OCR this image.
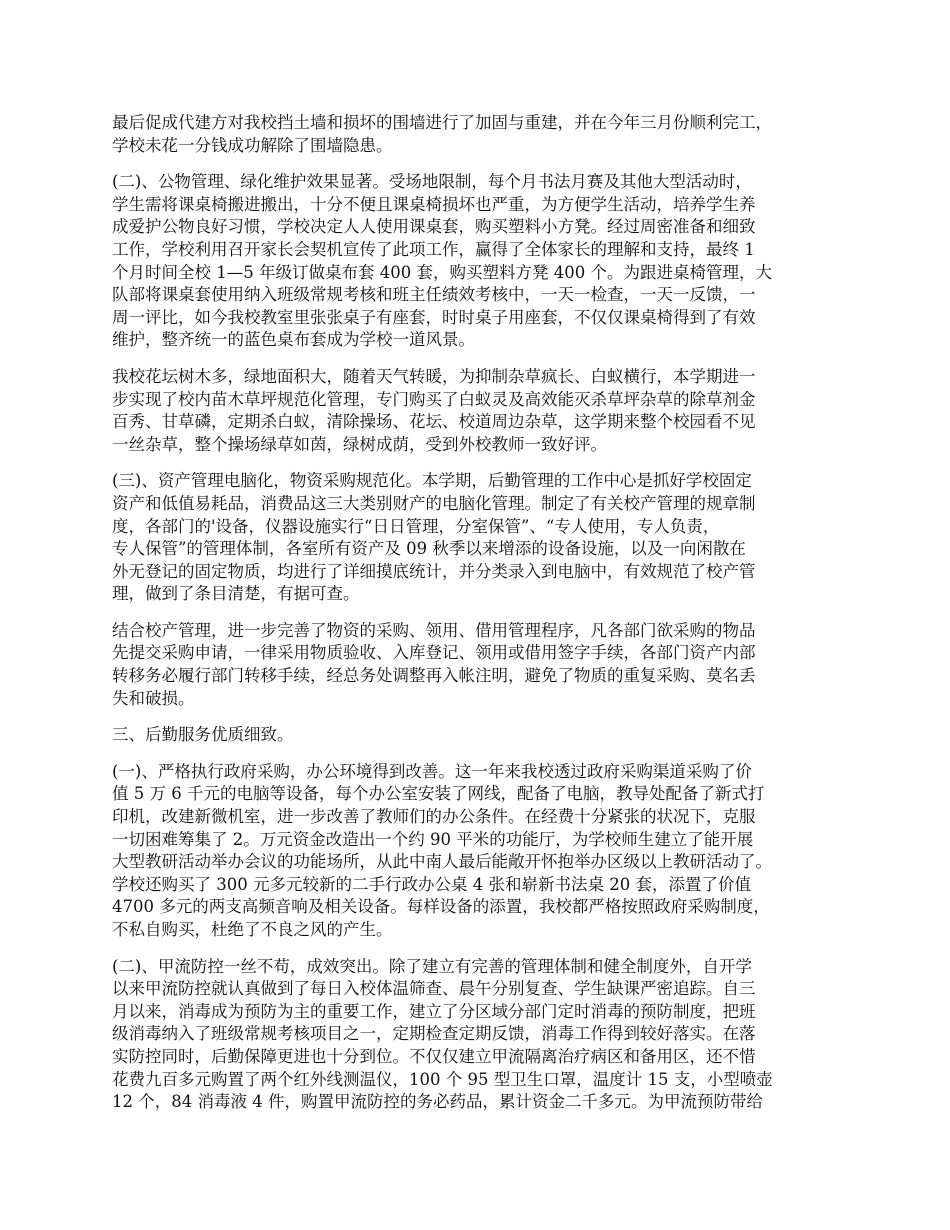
最后促成代建方对我校挡土墙和损坏的围墙进行了加固与重建，并在今年三月份顺利完工，
学校未花一分钱成功解除了围墙隐患。

(二)、公物管理、绿化维护效果显著。受场地限制，每个月书法月赛及其他大型活动时，
学生需将课桌椅搬进搬出，十分不便且课桌椅损坏也严重，为方便学生活动，培养学生养
成爱护公物良好习惯，学校决定人人使用课桌套，购买塑料小方凳。经过周密准备和细致
工作，学校利用召开家长会契机宣传了此项工作，赢得了全体家长的理解和支持，最终 1
个月时间全校 1—5 年级订做桌布套 400 套，购买塑料方凳 400 个。为跟进桌椅管理，大
队部将课桌套使用纳入班级常规考核和班主任绩效考核中，一天一检查，一天一反馈，一
周一评比，如今我校教室里张张桌子有座套，时时桌子用座套，不仅仅课桌椅得到了有效
维护，整齐统一的蓝色桌布套成为学校一道风景。

我校花坛树木多，绿地面积大，随着天气转暖，为抑制杂草疯长、白蚁横行，本学期进一
步实现了校内苗木草坪规范化管理，专门购买了白蚁灵及高效能灭杀草坪杂草的除草剂金
百秀、甘草磷，定期杀白蚁，清除操场、花坛、校道周边杂草，这学期来整个校园看不见
一丝杂草，整个操场绿草如茵，绿树成荫，受到外校教师一致好评。

(三)、资产管理电脑化，物资采购规范化。本学期，后勤管理的工作中心是抓好学校固定
资产和低值易耗品，消费品这三大类别财产的电脑化管理。制定了有关校产管理的规章制
度，各部门的'设备，仪器设施实行“日日管理，分室保管”、“专人使用，专人负责，
专人保管”的管理体制，各室所有资产及 09 秋季以来增添的设备设施，以及一向闲散在
外无登记的固定物质，均进行了详细摸底统计，并分类录入到电脑中，有效规范了校产管
理，做到了条目清楚，有据可查。

结合校产管理，进一步完善了物资的采购、领用、借用管理程序，凡各部门欲采购的物品
先提交采购申请，一律采用物质验收、入库登记、领用或借用签字手续，各部门资产内部
转移务必履行部门转移手续，经总务处调整再入帐注明，避免了物质的重复采购、莫名丢
失和破损。

三、后勤服务优质细致。

(一)、严格执行政府采购，办公环境得到改善。这一年来我校透过政府采购渠道采购了价
值 5 万 6 千元的电脑等设备，每个办公室安装了网线，配备了电脑，教导处配备了新式打
印机，改建新微机室，进一步改善了教师们的办公条件。在经费十分紧张的状况下，克服
一切困难筹集了 2。万元资金改造出一个约 90 平米的功能厅，为学校师生建立了能开展
大型教研活动举办会议的功能场所，从此中南人最后能敞开怀抱举办区级以上教研活动了。
学校还购买了 300 元多元较新的二手行政办公桌 4 张和崭新书法桌 20 套，添置了价值
4700 多元的两支高频音响及相关设备。每样设备的添置，我校都严格按照政府采购制度，
不私自购买，杜绝了不良之风的产生。

(二)、甲流防控一丝不苟，成效突出。除了建立有完善的管理体制和健全制度外，自开学
以来甲流防控就认真做到了每日入校体温筛查、晨午分别复查、学生缺课严密追踪。自三
月以来，消毒成为预防为主的重要工作，建立了分区域分部门定时消毒的预防制度，把班
级消毒纳入了班级常规考核项目之一，定期检查定期反馈，消毒工作得到较好落实。在落
实防控同时，后勤保障更进也十分到位。不仅仅建立甲流隔离治疗病区和备用区，还不惜
花费九百多元购置了两个红外线测温仪，100 个 95 型卫生口罩，温度计 15 支，小型喷壶
12 个，84 消毒液 4 件，购置甲流防控的务必药品，累计资金二千多元。为甲流预防带给
